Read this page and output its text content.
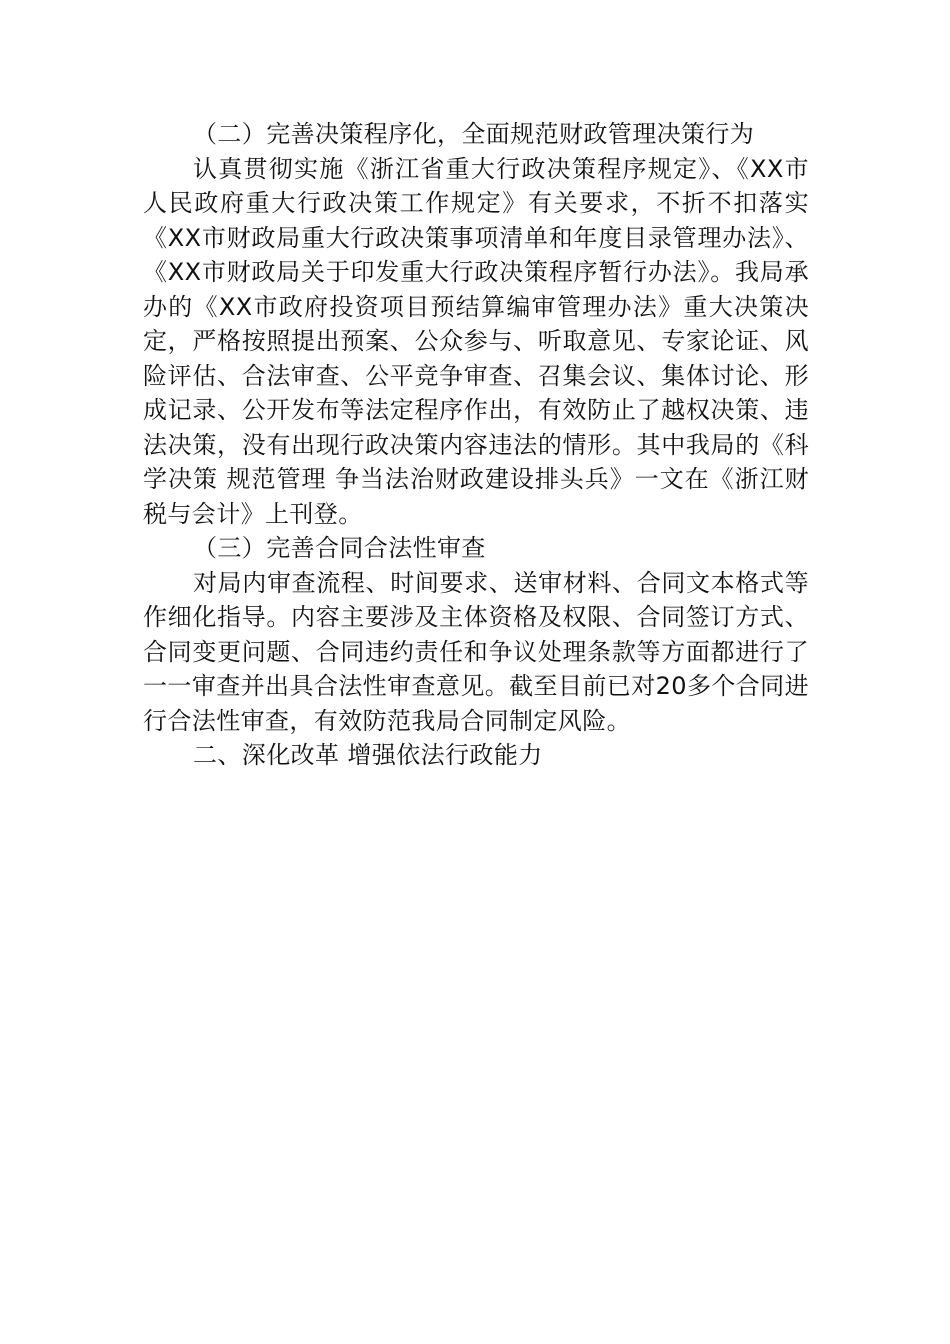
（二）完善决策程序化，全面规范财政管理决策行为

认真贯彻实施《浙江省重大行政决策程序规定》、《XX市人民政府重大行政决策工作规定》有关要求，不折不扣落实《XX市财政局重大行政决策事项清单和年度目录管理办法》、《XX市财政局关于印发重大行政决策程序暂行办法》。我局承办的《XX市政府投资项目预结算编审管理办法》重大决策决定，严格按照提出预案、公众参与、听取意见、专家论证、风险评估、合法审查、公平竞争审查、召集会议、集体讨论、形成记录、公开发布等法定程序作出，有效防止了越权决策、违法决策，没有出现行政决策内容违法的情形。其中我局的《科学决策 规范管理 争当法治财政建设排头兵》一文在《浙江财税与会计》上刊登。

（三）完善合同合法性审查

对局内审查流程、时间要求、送审材料、合同文本格式等作细化指导。内容主要涉及主体资格及权限、合同签订方式、合同变更问题、合同违约责任和争议处理条款等方面都进行了一一审查并出具合法性审查意见。截至目前已对20多个合同进行合法性审查，有效防范我局合同制定风险。

二、深化改革 增强依法行政能力
